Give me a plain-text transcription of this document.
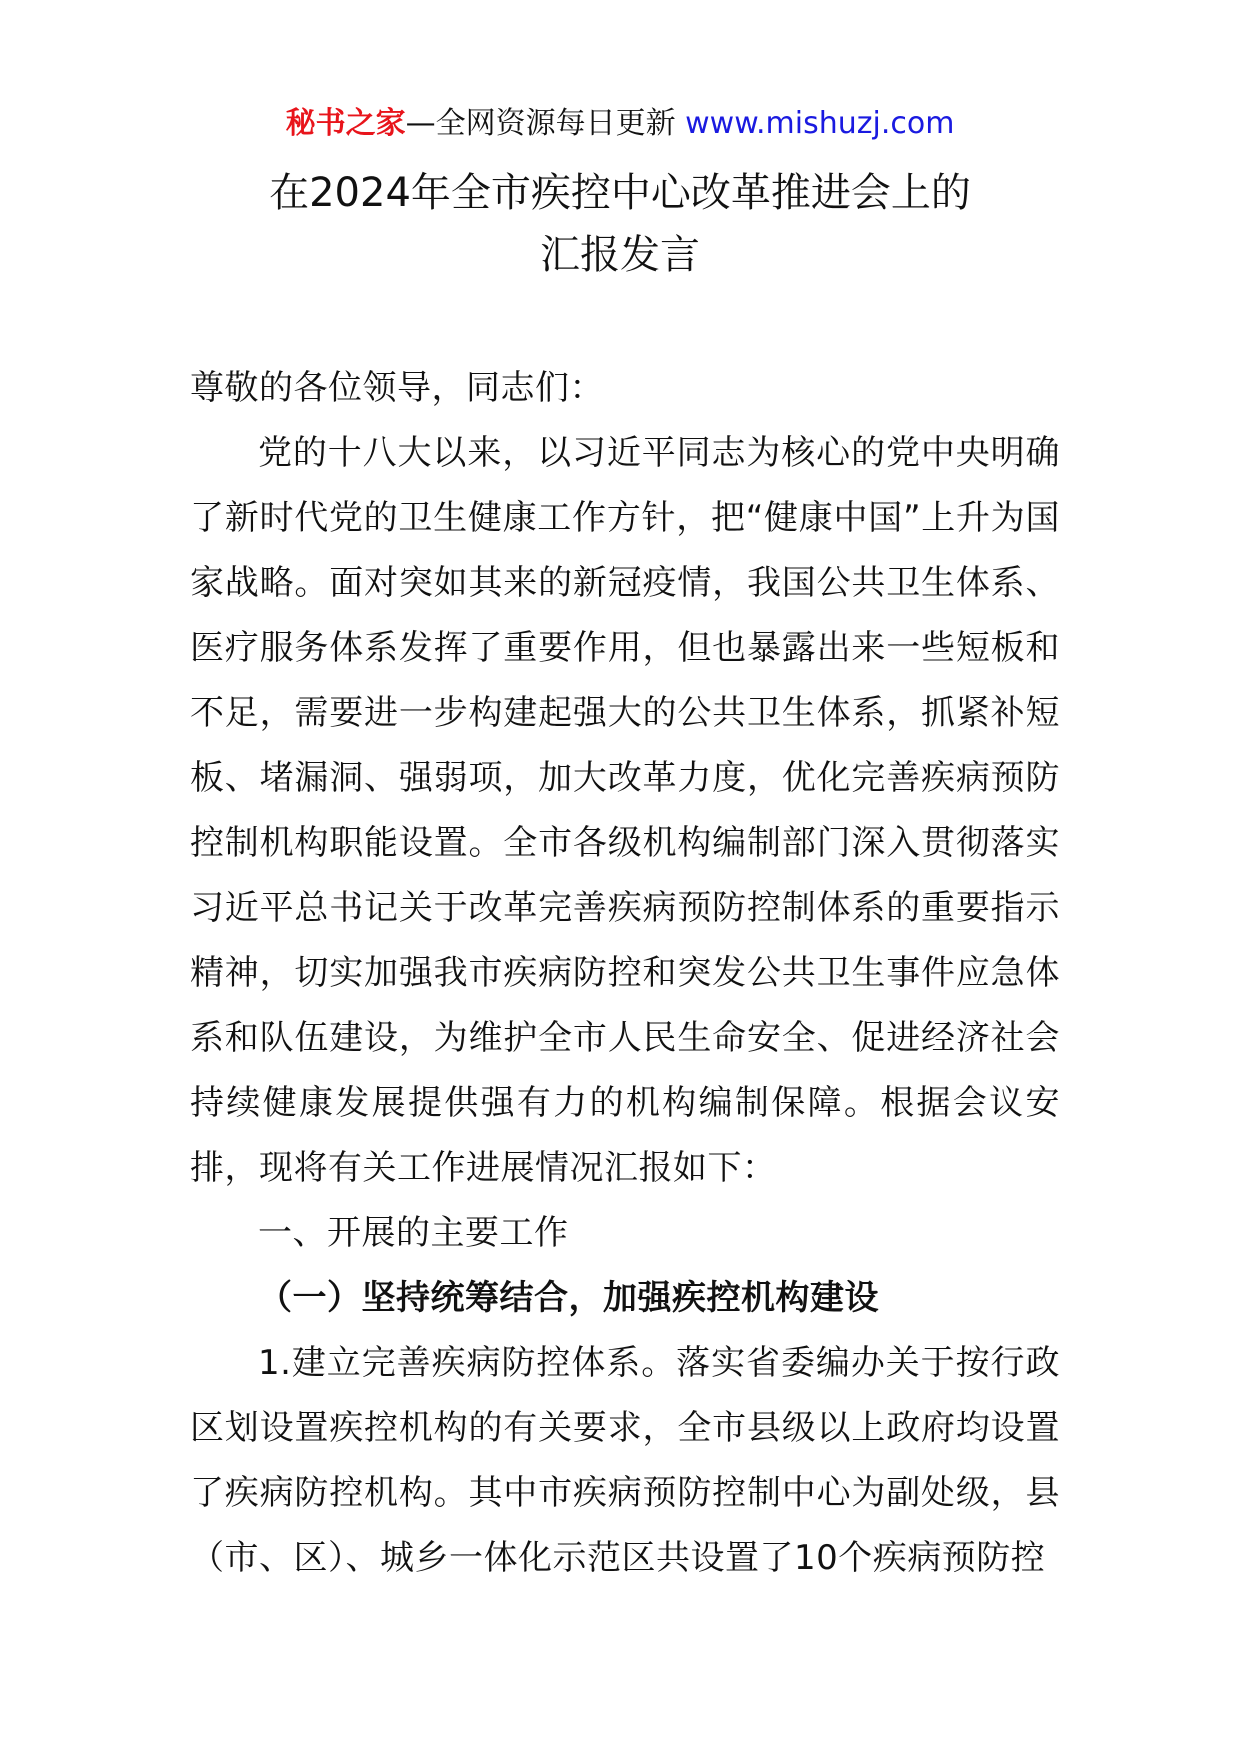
秘书之家—全网资源每日更新 www.mishuzj.com
在2024年全市疾控中心改革推进会上的
汇报发言

尊敬的各位领导，同志们：

党的十八大以来，以习近平同志为核心的党中央明确了新时代党的卫生健康工作方针，把“健康中国”上升为国家战略。面对突如其来的新冠疫情，我国公共卫生体系、医疗服务体系发挥了重要作用，但也暴露出来一些短板和不足，需要进一步构建起强大的公共卫生体系，抓紧补短板、堵漏洞、强弱项，加大改革力度，优化完善疾病预防控制机构职能设置。全市各级机构编制部门深入贯彻落实习近平总书记关于改革完善疾病预防控制体系的重要指示精神，切实加强我市疾病防控和突发公共卫生事件应急体系和队伍建设，为维护全市人民生命安全、促进经济社会持续健康发展提供强有力的机构编制保障。根据会议安排，现将有关工作进展情况汇报如下：

一、开展的主要工作

（一）坚持统筹结合，加强疾控机构建设

1.建立完善疾病防控体系。落实省委编办关于按行政区划设置疾控机构的有关要求，全市县级以上政府均设置了疾病防控机构。其中市疾病预防控制中心为副处级，县（市、区）、城乡一体化示范区共设置了10个疾病预防控
